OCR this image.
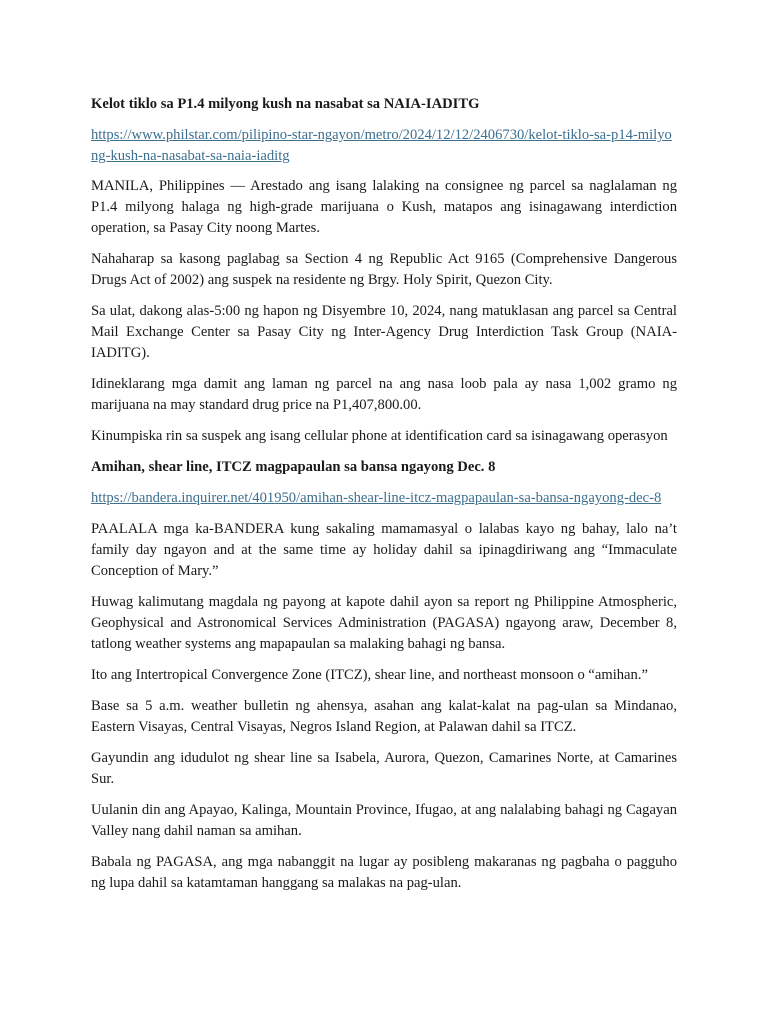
Kelot tiklo sa P1.4 milyong kush na nasabat sa NAIA-IADITG
https://www.philstar.com/pilipino-star-ngayon/metro/2024/12/12/2406730/kelot-tiklo-sa-p14-milyong-kush-na-nasabat-sa-naia-iaditg

MANILA, Philippines — Arestado ang isang lalaking na consignee ng parcel sa naglalaman ng P1.4 milyong halaga ng high-grade marijuana o Kush, matapos ang isinagawang interdiction operation, sa Pasay City noong Martes.

Nahaharap sa kasong paglabag sa Section 4 ng Republic Act 9165 (Comprehensive Dangerous Drugs Act of 2002) ang suspek na residente ng Brgy. Holy Spirit, Quezon City.

Sa ulat, dakong alas-5:00 ng hapon ng Disyembre 10, 2024, nang matuklasan ang parcel sa Central Mail Exchange Center sa Pasay City ng Inter-Agency Drug Interdiction Task Group (NAIA-IADITG).

Idineklarang mga damit ang laman ng parcel na ang nasa loob pala ay nasa 1,002 gramo ng marijuana na may standard drug price na P1,407,800.00.

Kinumpiska rin sa suspek ang isang cellular phone at identification card sa isinagawang operasyon

Amihan, shear line, ITCZ magpapaulan sa bansa ngayong Dec. 8
https://bandera.inquirer.net/401950/amihan-shear-line-itcz-magpapaulan-sa-bansa-ngayong-dec-8

PAALALA mga ka-BANDERA kung sakaling mamamasyal o lalabas kayo ng bahay, lalo na’t family day ngayon and at the same time ay holiday dahil sa ipinagdiriwang ang “Immaculate Conception of Mary.”

Huwag kalimutang magdala ng payong at kapote dahil ayon sa report ng Philippine Atmospheric, Geophysical and Astronomical Services Administration (PAGASA) ngayong araw, December 8, tatlong weather systems ang mapapaulan sa malaking bahagi ng bansa.

Ito ang Intertropical Convergence Zone (ITCZ), shear line, and northeast monsoon o “amihan.”

Base sa 5 a.m. weather bulletin ng ahensya, asahan ang kalat-kalat na pag-ulan sa Mindanao, Eastern Visayas, Central Visayas, Negros Island Region, at Palawan dahil sa ITCZ.

Gayundin ang idudulot ng shear line sa Isabela, Aurora, Quezon, Camarines Norte, at Camarines Sur.

Uulanin din ang Apayao, Kalinga, Mountain Province, Ifugao, at ang nalalabing bahagi ng Cagayan Valley nang dahil naman sa amihan.

Babala ng PAGASA, ang mga nabanggit na lugar ay posibleng makaranas ng pagbaha o pagguho ng lupa dahil sa katamtaman hanggang sa malakas na pag-ulan.
